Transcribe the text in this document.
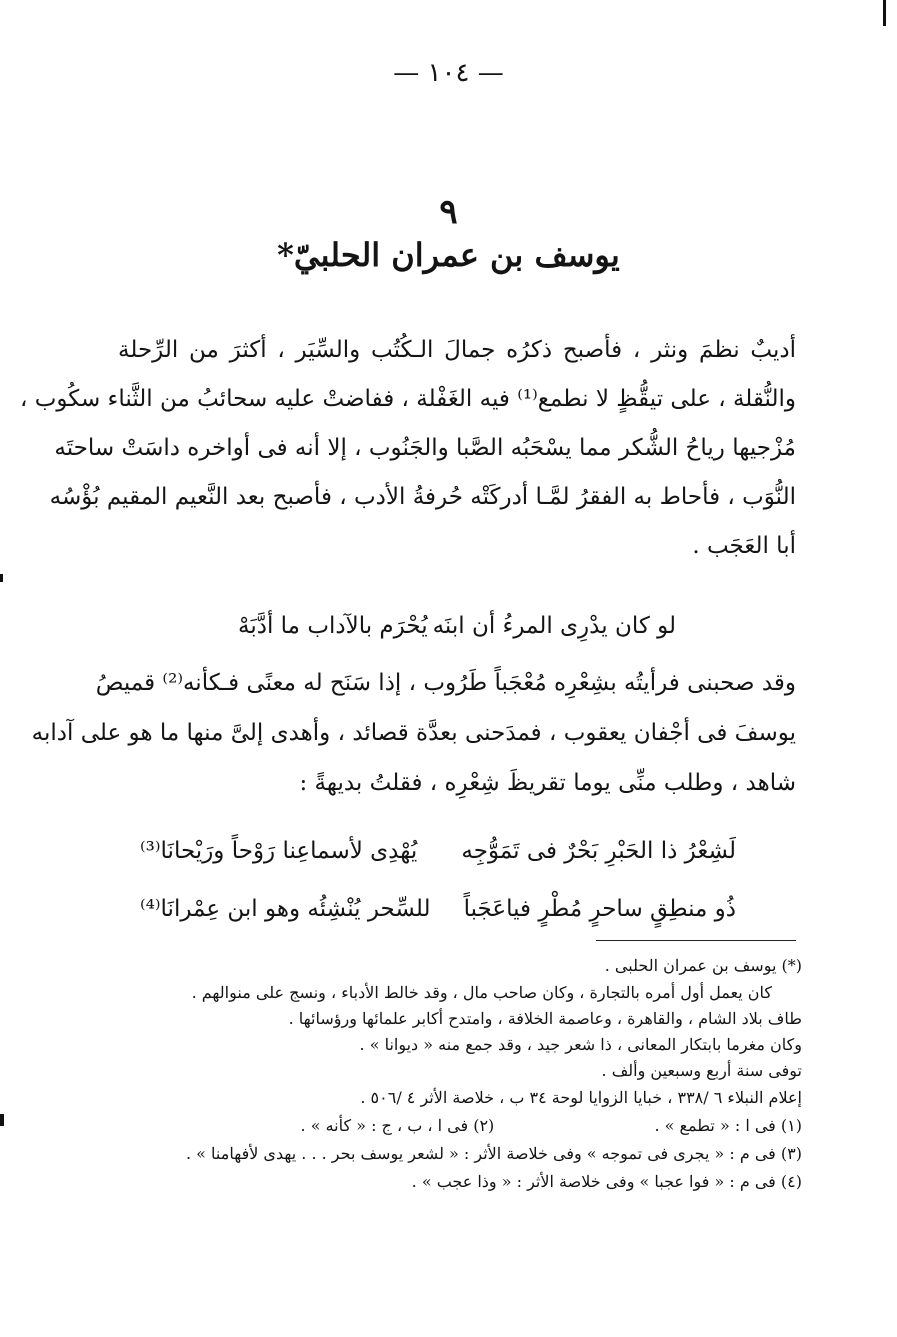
— ١٠٤ —
٩
يوسف بن عمران الحلبيّ*
أديبٌ نظمَ ونثر ، فأصبح ذكرُه جمالَ الـكُتُب والسِّيَر ، أكثرَ من الرِّحلة
والنُّقلة ، على تيقُّظٍ لا نطمع⁽¹⁾ فيه الغَفْلة ، ففاضتْ عليه سحائبُ من الثَّناء سكُوب ،
مُزْجيها رياحُ الشُّكر مما يسْحَبُه الصَّبا والجَنُوب ، إلا أنه فى أواخره داسَتْ ساحتَه
النُّوَب ، فأحاط به الفقرُ لمَّـا أدركَتْه حُرفةُ الأدب ، فأصبح بعد النَّعيم المقيم بُؤْسُه
أبا العَجَب .
لو كان يدْرِى المرءُ أن ابنَه
يُحْرَم بالآداب ما أدَّبَهْ
وقد صحبنى فرأيتُه بشِعْرِه مُعْجَباً طَرُوب ، إذا سَنَح له معنًى فـكأنه⁽²⁾ قميصُ
يوسفَ فى أجْفان يعقوب ، فمدَحنى بعدَّة قصائد ، وأهدى إلىَّ منها ما هو على آدابه
شاهد ، وطلب منِّى يوما تقريظَ شِعْرِه ، فقلتُ بديهةً :
لَشِعْرُ ذا الحَبْرِ بَحْرٌ فى تَمَوُّجِه
يُهْدِى لأسماعِنا رَوْحاً ورَيْحانَا⁽³⁾
ذُو منطِقٍ ساحرٍ مُطْرٍ فياعَجَباً
للسِّحر يُنْشِئُه وهو ابن عِمْرانَا⁽⁴⁾
(*) يوسف بن عمران الحلبى .
كان يعمل أول أمره بالتجارة ، وكان صاحب مال ، وقد خالط الأدباء ، ونسج على منوالهم .
طاف بلاد الشام ، والقاهرة ، وعاصمة الخلافة ، وامتدح أكابر علمائها ورؤسائها .
وكان مغرما بابتكار المعانى ، ذا شعر جيد ، وقد جمع منه « ديوانا » .
توفى سنة أربع وسبعين وألف .
إعلام النبلاء ٦ /٣٣٨ ، خبايا الزوايا لوحة ٣٤ ب ، خلاصة الأثر ٤ /٥٠٦ .
(١) فى ا : « تطمع » .  (٢) فى ا ، ب ، ج : « كأنه » .
(٣) فى م : « يجرى فى تموجه » وفى خلاصة الأثر : « لشعر يوسف بحر . . . يهدى لأفهامنا » .
(٤) فى م : « فوا عجبا » وفى خلاصة الأثر : « وذا عجب » .
